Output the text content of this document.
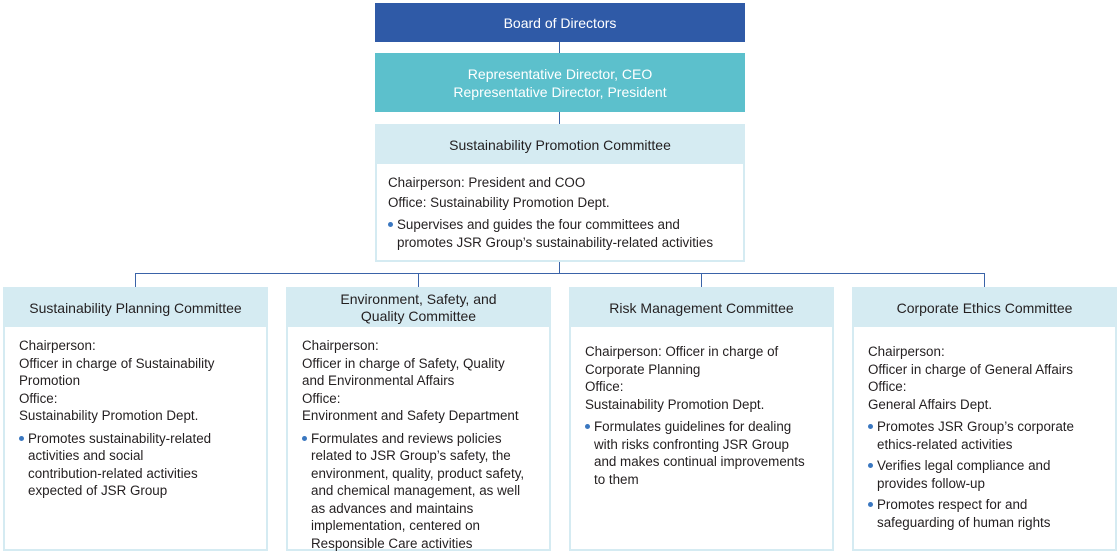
Board of Directors
Representative Director, CEO
Representative Director, President
Sustainability Promotion Committee
Chairperson: President and COO
Office: Sustainability Promotion Dept.
Supervises and guides the four committees and
promotes JSR Group’s sustainability-related activities
Sustainability Planning Committee
Chairperson:
Officer in charge of Sustainability
Promotion
Office:
Sustainability Promotion Dept.
Promotes sustainability-related
activities and social
contribution-related activities
expected of JSR Group
Environment, Safety, and
Quality Committee
Chairperson:
Officer in charge of Safety, Quality
and Environmental Affairs
Office:
Environment and Safety Department
Formulates and reviews policies
related to JSR Group’s safety, the
environment, quality, product safety,
and chemical management, as well
as advances and maintains
implementation, centered on
Responsible Care activities
Risk Management Committee
Chairperson: Officer in charge of
Corporate Planning
Office:
Sustainability Promotion Dept.
Formulates guidelines for dealing
with risks confronting JSR Group
and makes continual improvements
to them
Corporate Ethics Committee
Chairperson:
Officer in charge of General Affairs
Office:
General Affairs Dept.
Promotes JSR Group’s corporate
ethics-related activities
Verifies legal compliance and
provides follow-up
Promotes respect for and
safeguarding of human rights
